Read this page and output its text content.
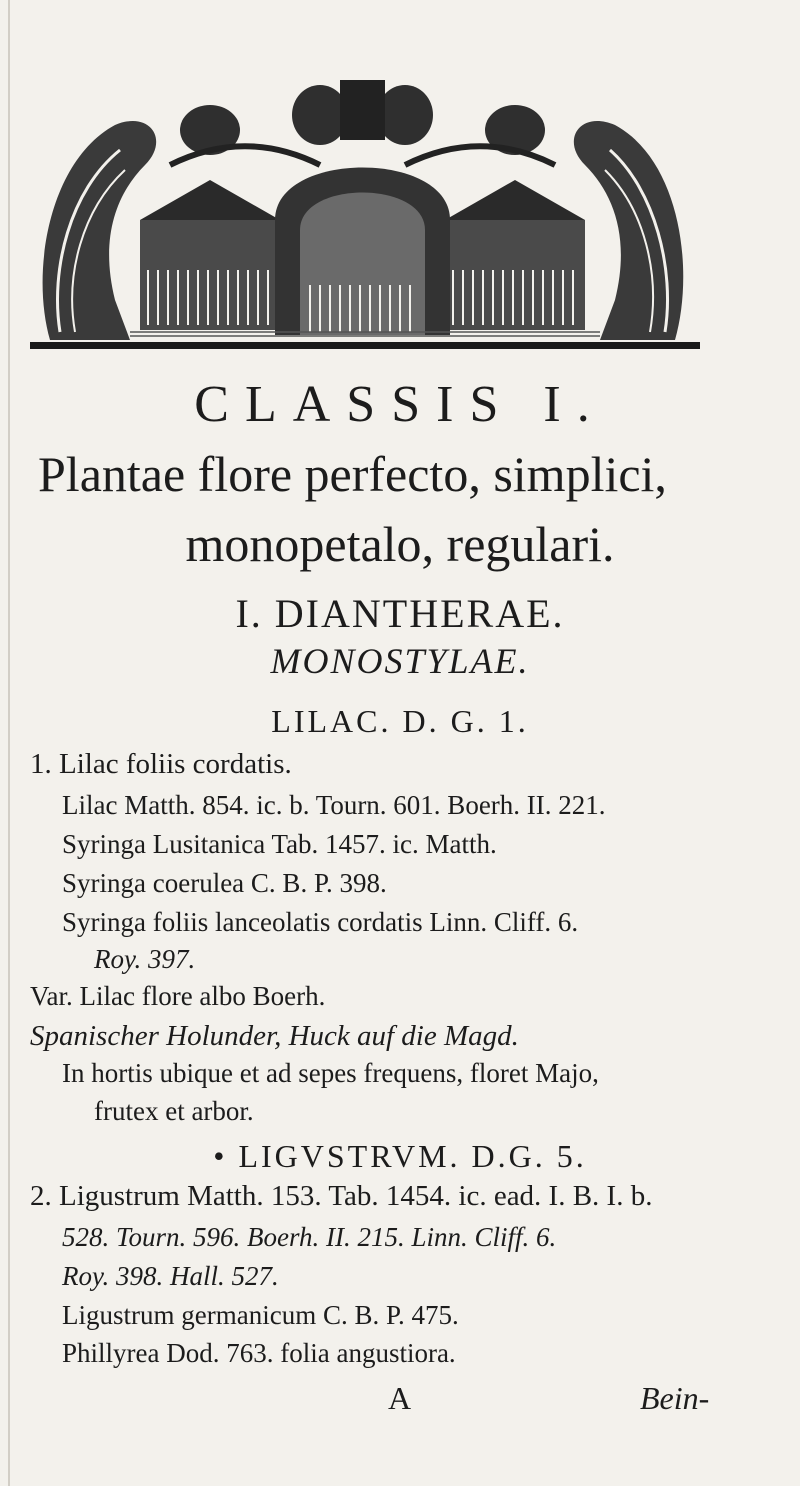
CLASSIS I.
Plantae flore perfecto, simplici,
monopetalo, regulari.
I. DIANTHERAE.
MONOSTYLAE.
LILAC. D. G. 1.
1. Lilac foliis cordatis.
Lilac Matth. 854. ic. b. Tourn. 601. Boerh. II. 221.
Syringa Lusitanica Tab. 1457. ic. Matth.
Syringa coerulea C. B. P. 398.
Syringa foliis lanceolatis cordatis Linn. Cliff. 6.
Roy. 397.
Var. Lilac flore albo Boerh.
Spanischer Holunder, Huck auf die Magd.
In hortis ubique et ad sepes frequens, floret Majo,
frutex et arbor.
• LIGVSTRVM. D.G. 5.
2. Ligustrum Matth. 153. Tab. 1454. ic. ead. I. B. I. b.
528. Tourn. 596. Boerh. II. 215. Linn. Cliff. 6.
Roy. 398. Hall. 527.
Ligustrum germanicum C. B. P. 475.
Phillyrea Dod. 763. folia angustiora.
A	Bein-
